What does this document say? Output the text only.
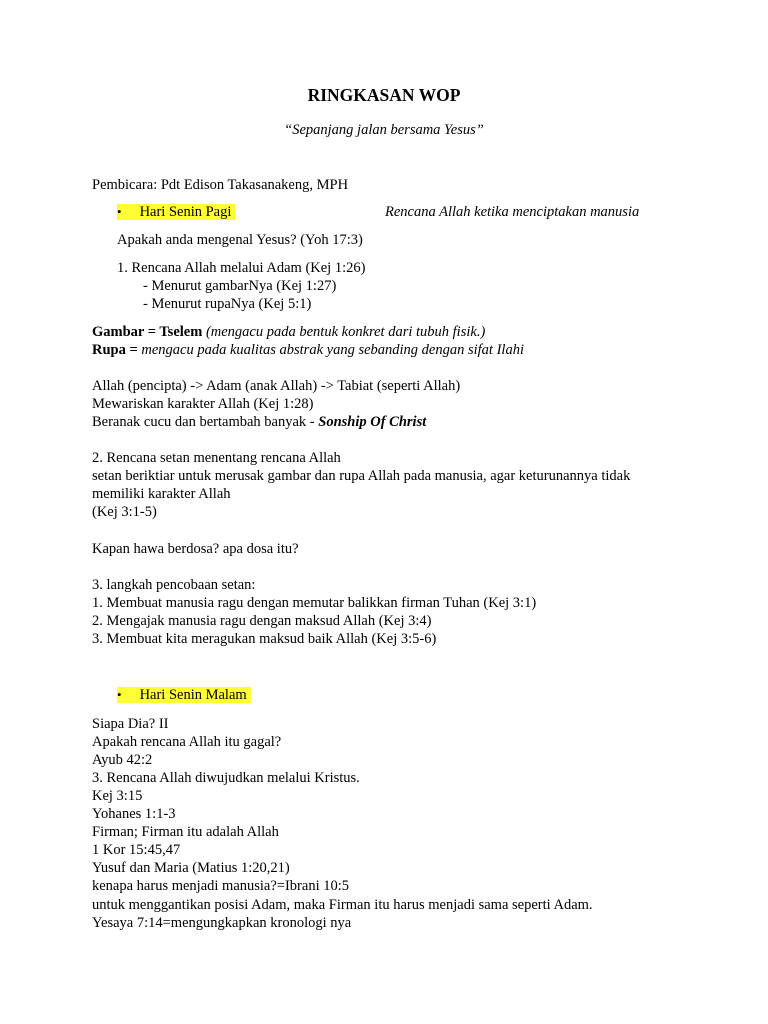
RINGKASAN WOP
“Sepanjang jalan bersama Yesus”
Pembicara: Pdt Edison Takasanakeng, MPH
• Hari Senin Pagi	Rencana Allah ketika menciptakan manusia
Apakah anda mengenal Yesus? (Yoh 17:3)
1. Rencana Allah melalui Adam (Kej 1:26)
- Menurut gambarNya (Kej 1:27)
- Menurut rupaNya (Kej 5:1)
Gambar = Tselem (mengacu pada bentuk konkret dari tubuh fisik.)
Rupa = mengacu pada kualitas abstrak yang sebanding dengan sifat Ilahi
Allah (pencipta) -> Adam (anak Allah) -> Tabiat (seperti Allah)
Mewariskan karakter Allah (Kej 1:28)
Beranak cucu dan bertambah banyak - Sonship Of Christ
2. Rencana setan menentang rencana Allah
setan beriktiar untuk merusak gambar dan rupa Allah pada manusia, agar keturunannya tidak
memiliki karakter Allah
(Kej 3:1-5)
Kapan hawa berdosa? apa dosa itu?
3. langkah pencobaan setan:
1. Membuat manusia ragu dengan memutar balikkan firman Tuhan (Kej 3:1)
2. Mengajak manusia ragu dengan maksud Allah (Kej 3:4)
3. Membuat kita meragukan maksud baik Allah (Kej 3:5-6)
• Hari Senin Malam
Siapa Dia? II
Apakah rencana Allah itu gagal?
Ayub 42:2
3. Rencana Allah diwujudkan melalui Kristus.
Kej 3:15
Yohanes 1:1-3
Firman; Firman itu adalah Allah
1 Kor 15:45,47
Yusuf dan Maria (Matius 1:20,21)
kenapa harus menjadi manusia?=Ibrani 10:5
untuk menggantikan posisi Adam, maka Firman itu harus menjadi sama seperti Adam.
Yesaya 7:14=mengungkapkan kronologi nya
